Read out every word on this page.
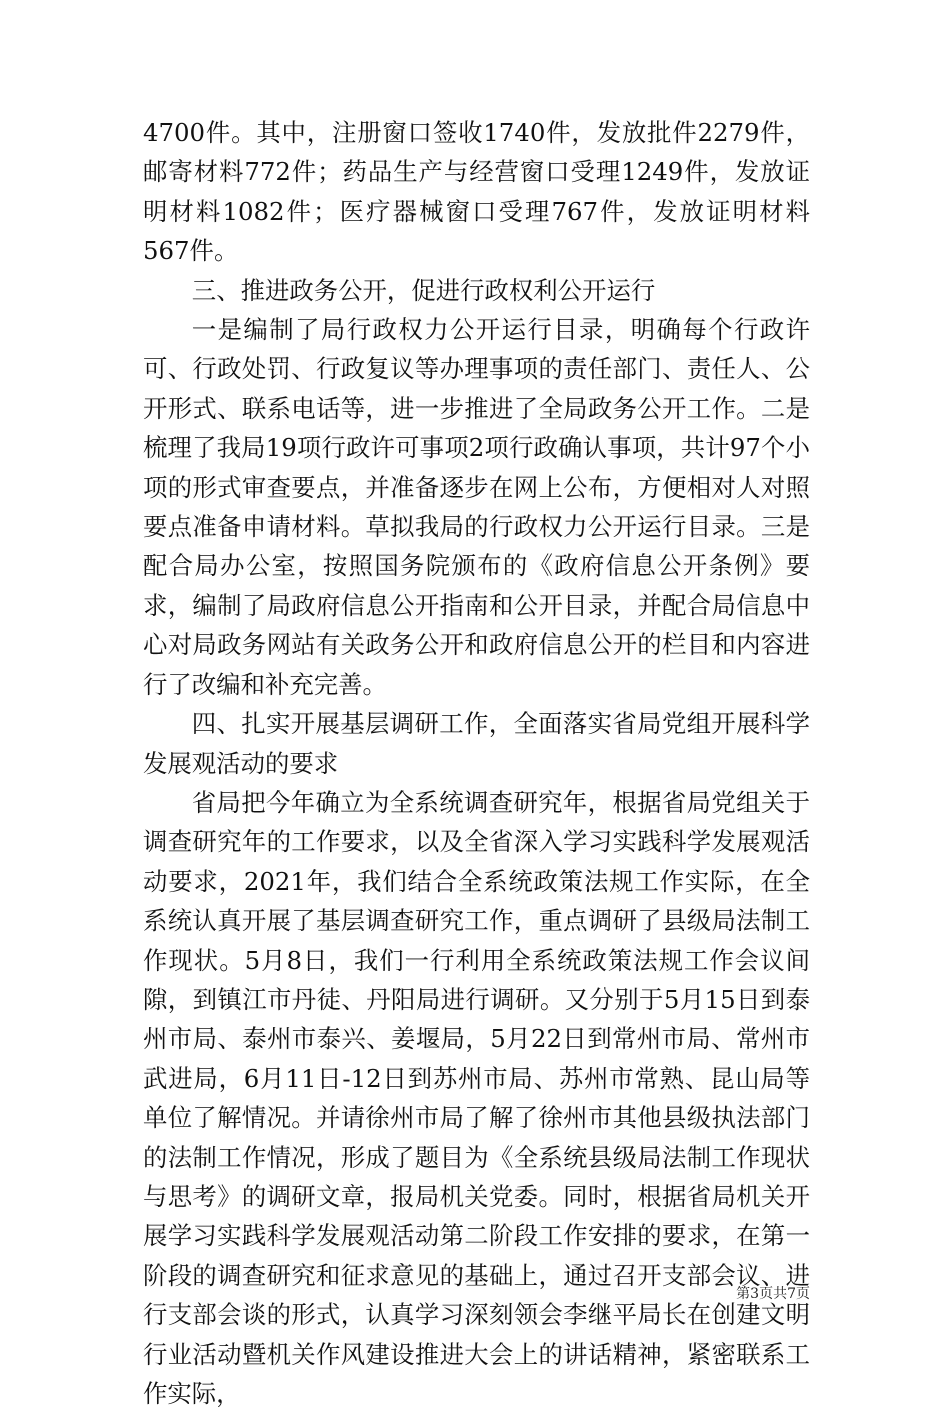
4700件。其中，注册窗口签收1740件，发放批件2279件，邮寄材料772件；药品生产与经营窗口受理1249件，发放证明材料1082件；医疗器械窗口受理767件，发放证明材料567件。

三、推进政务公开，促进行政权利公开运行

一是编制了局行政权力公开运行目录，明确每个行政许可、行政处罚、行政复议等办理事项的责任部门、责任人、公开形式、联系电话等，进一步推进了全局政务公开工作。二是梳理了我局19项行政许可事项2项行政确认事项，共计97个小项的形式审查要点，并准备逐步在网上公布，方便相对人对照要点准备申请材料。草拟我局的行政权力公开运行目录。三是配合局办公室，按照国务院颁布的《政府信息公开条例》要求，编制了局政府信息公开指南和公开目录，并配合局信息中心对局政务网站有关政务公开和政府信息公开的栏目和内容进行了改编和补充完善。

四、扎实开展基层调研工作，全面落实省局党组开展科学发展观活动的要求

省局把今年确立为全系统调查研究年，根据省局党组关于调查研究年的工作要求，以及全省深入学习实践科学发展观活动要求，2021年，我们结合全系统政策法规工作实际，在全系统认真开展了基层调查研究工作，重点调研了县级局法制工作现状。5月8日，我们一行利用全系统政策法规工作会议间隙，到镇江市丹徒、丹阳局进行调研。又分别于5月15日到泰州市局、泰州市泰兴、姜堰局，5月22日到常州市局、常州市武进局，6月11日-12日到苏州市局、苏州市常熟、昆山局等单位了解情况。并请徐州市局了解了徐州市其他县级执法部门的法制工作情况，形成了题目为《全系统县级局法制工作现状与思考》的调研文章，报局机关党委。同时，根据省局机关开展学习实践科学发展观活动第二阶段工作安排的要求，在第一阶段的调查研究和征求意见的基础上，通过召开支部会议、进行支部会谈的形式，认真学习深刻领会李继平局长在创建文明行业活动暨机关作风建设推进大会上的讲话精神，紧密联系工作实际，

第3页共7页
